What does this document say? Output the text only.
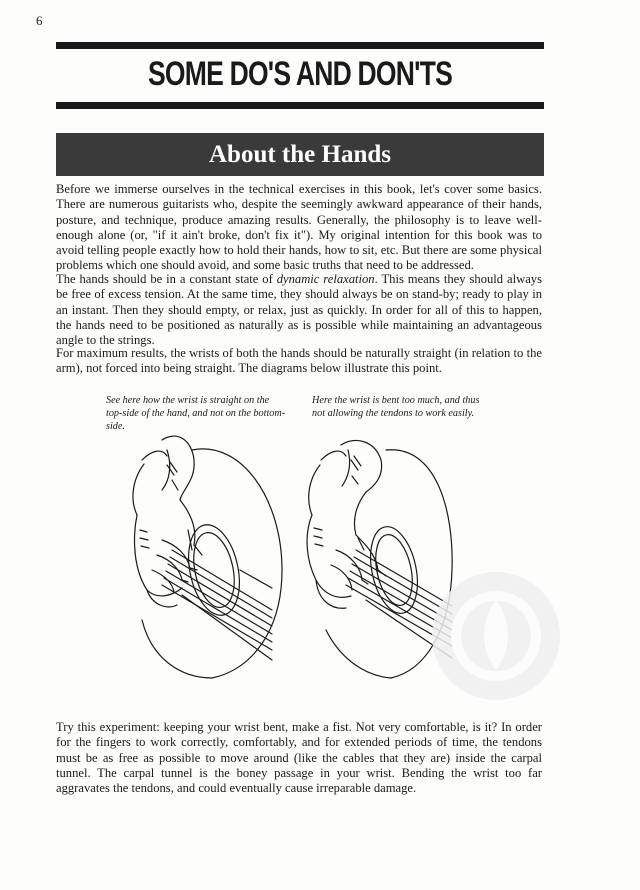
6
SOME DO'S AND DON'TS
About the Hands

Before we immerse ourselves in the technical exercises in this book, let's cover some basics. There are numerous guitarists who, despite the seemingly awkward appearance of their hands, posture, and technique, produce amazing results. Generally, the philosophy is to leave well-enough alone (or, "if it ain't broke, don't fix it"). My original intention for this book was to avoid telling people exactly how to hold their hands, how to sit, etc. But there are some physical problems which one should avoid, and some basic truths that need to be addressed.

The hands should be in a constant state of dynamic relaxation. This means they should always be free of excess tension. At the same time, they should always be on stand-by; ready to play in an instant. Then they should empty, or relax, just as quickly. In order for all of this to happen, the hands need to be positioned as naturally as is possible while maintaining an advantageous angle to the strings.

For maximum results, the wrists of both the hands should be naturally straight (in relation to the arm), not forced into being straight. The diagrams below illustrate this point.

See here how the wrist is straight on the top-side of the hand, and not on the bottom-side.

Here the wrist is bent too much, and thus not allowing the tendons to work easily.

Try this experiment: keeping your wrist bent, make a fist. Not very comfortable, is it? In order for the fingers to work correctly, comfortably, and for extended periods of time, the tendons must be as free as possible to move around (like the cables that they are) inside the carpal tunnel. The carpal tunnel is the boney passage in your wrist. Bending the wrist too far aggravates the tendons, and could eventually cause irreparable damage.
